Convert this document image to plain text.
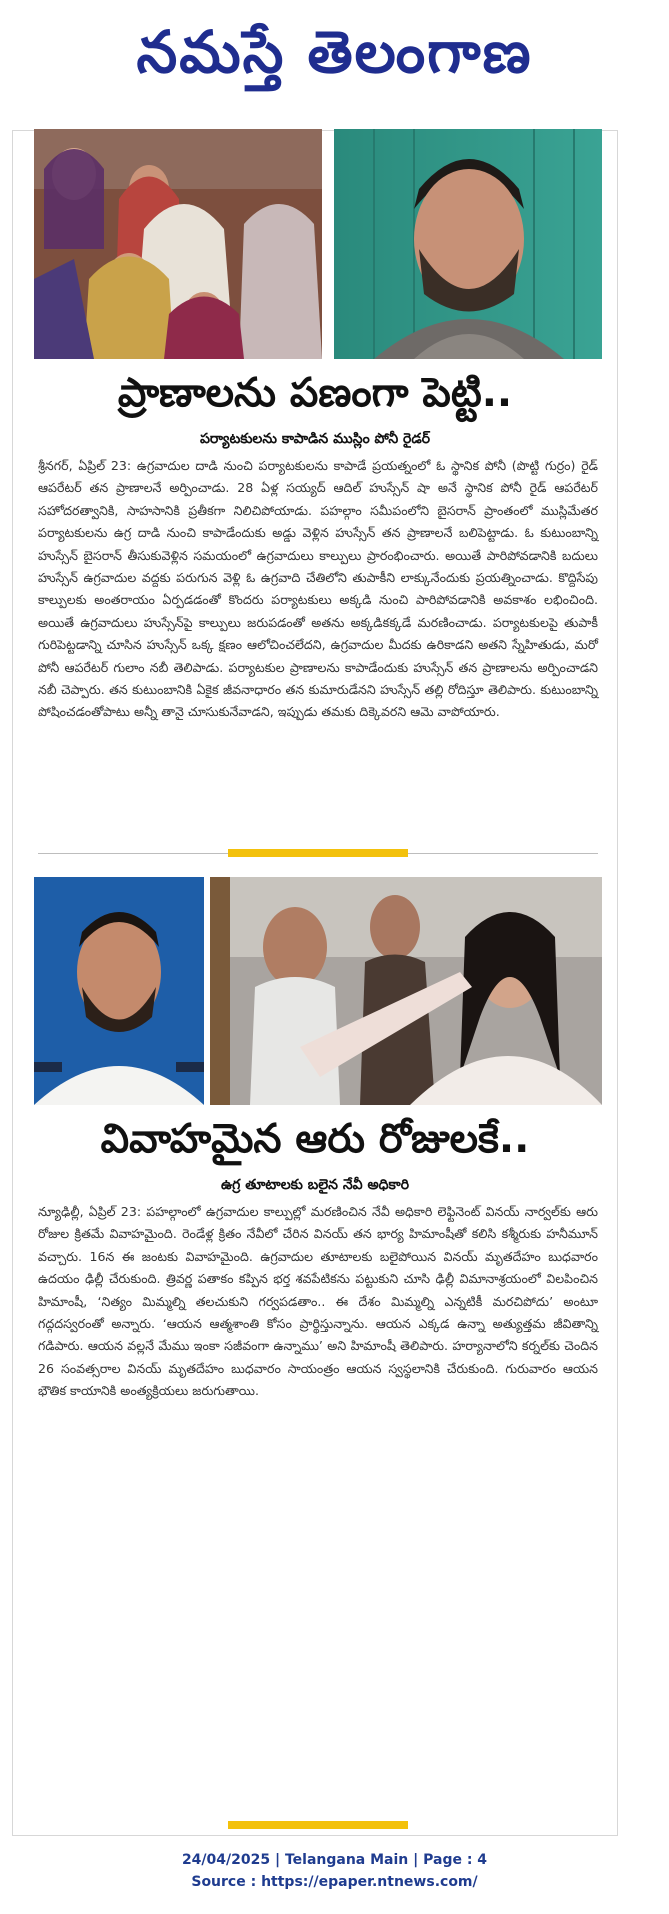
నమస్తే తెలంగాణ
ప్రాణాలను పణంగా పెట్టి..
పర్యాటకులను కాపాడిన ముస్లిం పోనీ రైడర్
శ్రీనగర్, ఏప్రిల్ 23: ఉగ్రవాదుల దాడి నుంచి పర్యాటకులను కాపాడే ప్రయత్నంలో ఓ స్థానిక పోనీ (పొట్టి గుర్రం) రైడ్ ఆపరేటర్ తన ప్రాణాలనే అర్పించాడు. 28 ఏళ్ల సయ్యద్ ఆదిల్ హుస్సేన్ షా అనే స్థానిక పోనీ రైడ్ ఆపరేటర్ సహోదరత్వానికి, సాహసానికి ప్రతీకగా నిలిచిపోయాడు. పహల్గాం సమీపంలోని బైసరాన్ ప్రాంతంలో ముస్లిమేతర పర్యాటకులను ఉగ్ర దాడి నుంచి కాపాడేందుకు అడ్డు వెళ్లిన హుస్సేన్ తన ప్రాణాలనే బలిపెట్టాడు. ఓ కుటుంబాన్ని హుస్సేన్ బైసరాన్ తీసుకువెళ్లిన సమయంలో ఉగ్రవాదులు కాల్పులు ప్రారంభించారు. అయితే పారిపోవడానికి బదులు హుస్సేన్ ఉగ్రవాదుల వద్దకు పరుగున వెళ్లి ఓ ఉగ్రవాది చేతిలోని తుపాకీని లాక్కునేందుకు ప్రయత్నించాడు. కొద్దిసేపు కాల్పులకు అంతరాయం ఏర్పడడంతో కొందరు పర్యాటకులు అక్కడి నుంచి పారిపోవడానికి అవకాశం లభించింది. అయితే ఉగ్రవాదులు హుస్సేన్‌పై కాల్పులు జరుపడంతో అతను అక్కడికక్కడే మరణించాడు. పర్యాటకులపై తుపాకీ గురిపెట్టడాన్ని చూసిన హుస్సేన్ ఒక్క క్షణం ఆలోచించలేదని, ఉగ్రవాదుల మీదకు ఉరికాడని అతని స్నేహితుడు, మరో పోనీ ఆపరేటర్ గులాం నబీ తెలిపాడు. పర్యాటకుల ప్రాణాలను కాపాడేందుకు హుస్సేన్ తన ప్రాణాలను అర్పించాడని నబీ చెప్పారు. తన కుటుంబానికి ఏకైక జీవనాధారం తన కుమారుడేనని హుస్సేన్ తల్లి రోదిస్తూ తెలిపారు. కుటుంబాన్ని పోషించడంతోపాటు అన్నీ తానై చూసుకునేవాడని, ఇప్పుడు తమకు దిక్కెవరని ఆమె వాపోయారు.
వివాహమైన ఆరు రోజులకే..
ఉగ్ర తూటాలకు బలైన నేవీ అధికారి
న్యూఢిల్లీ, ఏప్రిల్ 23: పహల్గాంలో ఉగ్రవాదుల కాల్పుల్లో మరణించిన నేవీ అధికారి లెఫ్టినెంట్ వినయ్ నార్వల్‌కు ఆరు రోజుల క్రితమే వివాహమైంది. రెండేళ్ల క్రితం నేవీలో చేరిన వినయ్ తన భార్య హిమాంషీతో కలిసి కశ్మీరుకు హనీమూన్ వచ్చారు. 16న ఈ జంటకు వివాహమైంది. ఉగ్రవాదుల తూటాలకు బలైపోయిన వినయ్ మృతదేహం బుధవారం ఉదయం ఢిల్లీ చేరుకుంది. త్రివర్ణ పతాకం కప్పిన భర్త శవపేటికను పట్టుకుని చూసి ఢిల్లీ విమానాశ్రయంలో విలపించిన హిమాంషీ, ‘నిత్యం మిమ్మల్ని తలచుకుని గర్వపడతాం.. ఈ దేశం మిమ్మల్ని ఎన్నటికీ మరచిపోదు’ అంటూ గద్గదస్వరంతో అన్నారు. ‘ఆయన ఆత్మశాంతి కోసం ప్రార్థిస్తున్నాను. ఆయన ఎక్కడ ఉన్నా అత్యుత్తమ జీవితాన్ని గడిపారు. ఆయన వల్లనే మేము ఇంకా సజీవంగా ఉన్నాము’ అని హిమాంషీ తెలిపారు. హర్యానాలోని కర్నల్‌కు చెందిన 26 సంవత్సరాల వినయ్ మృతదేహం బుధవారం సాయంత్రం ఆయన స్వస్థలానికి చేరుకుంది. గురువారం ఆయన భౌతిక కాయానికి అంత్యక్రియలు జరుగుతాయి.
24/04/2025 | Telangana Main | Page : 4
Source : https://epaper.ntnews.com/
